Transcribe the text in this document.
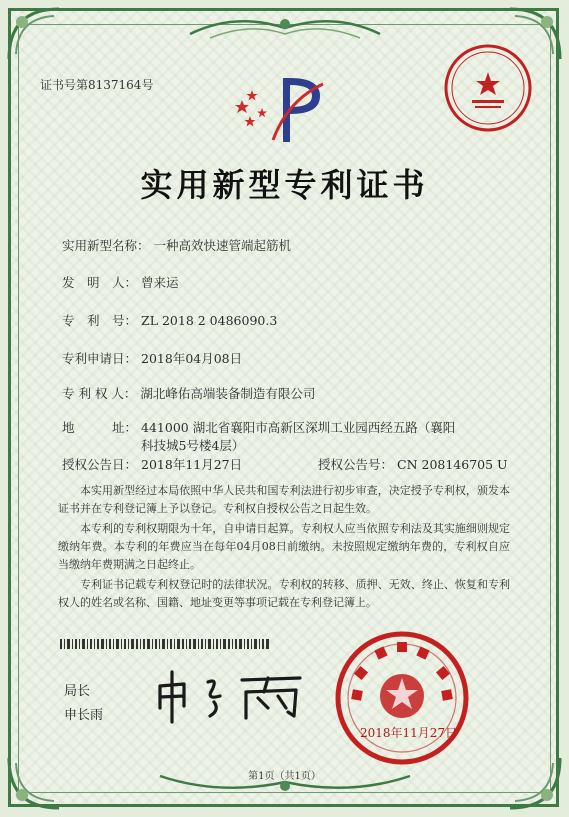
证书号第8137164号
实用新型专利证书
实用新型名称： 一种高效快速管端起筋机
发　明　人： 曾来运
专　利　号： ZL 2018 2 0486090.3
专利申请日： 2018年04月08日
专 利 权 人： 湖北峰佑高端装备制造有限公司
地　　　址： 441000 湖北省襄阳市高新区深圳工业园西经五路（襄阳
科技城5号楼4层）
授权公告日： 2018年11月27日	授权公告号： CN 208146705 U
本实用新型经过本局依照中华人民共和国专利法进行初步审查，决定授予专利权，颁发本证书并在专利登记簿上予以登记。专利权自授权公告之日起生效。
本专利的专利权期限为十年，自申请日起算。专利权人应当依照专利法及其实施细则规定缴纳年费。本专利的年费应当在每年04月08日前缴纳。未按照规定缴纳年费的，专利权自应当缴纳年费期满之日起终止。
专利证书记载专利权登记时的法律状况。专利权的转移、质押、无效、终止、恢复和专利权人的姓名或名称、国籍、地址变更等事项记载在专利登记簿上。
局长
申长雨
2018年11月27日
第1页（共1页）
